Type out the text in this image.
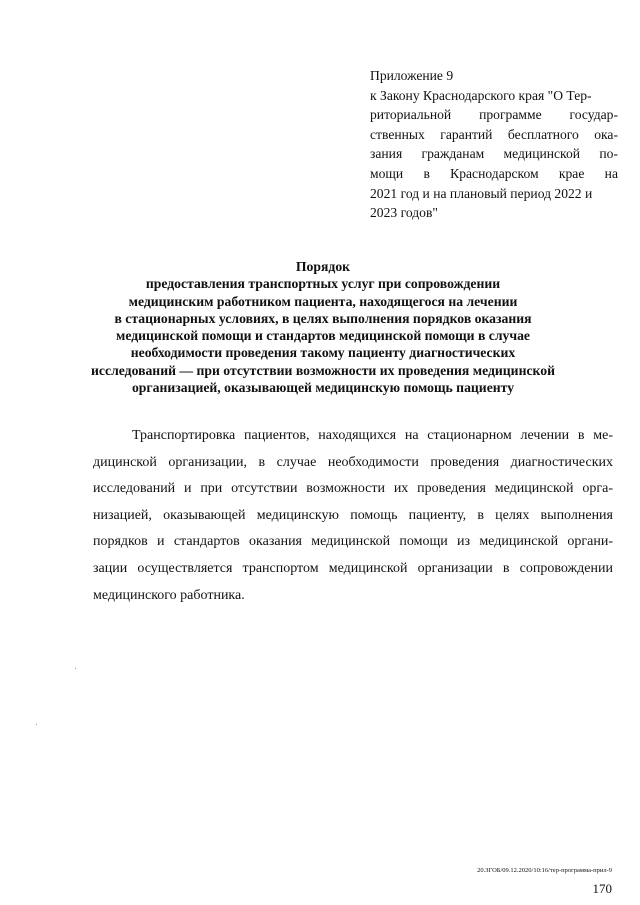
Приложение 9
к Закону Краснодарского края "О Тер-
риториальной программе государ-
ственных гарантий бесплатного ока-
зания гражданам медицинской по-
мощи в Краснодарском крае на
2021 год и на плановый период 2022 и
2023 годов"
Порядок
предоставления транспортных услуг при сопровождении
медицинским работником пациента, находящегося на лечении
в стационарных условиях, в целях выполнения порядков оказания
медицинской помощи и стандартов медицинской помощи в случае
необходимости проведения такому пациенту диагностических
исследований — при отсутствии возможности их проведения медицинской
организацией, оказывающей медицинскую помощь пациенту
Транспортировка пациентов, находящихся на стационарном лечении в ме-
дицинской организации, в случае необходимости проведения диагностических
исследований и при отсутствии возможности их проведения медицинской орга-
низацией, оказывающей медицинскую помощь пациенту, в целях выполнения
порядков и стандартов оказания медицинской помощи из медицинской органи-
зации осуществляется транспортом медицинской организации в сопровождении
медицинского работника.
20.ЗГОБ/09.12.2020/10:16/тер-программа-прил-9
170
